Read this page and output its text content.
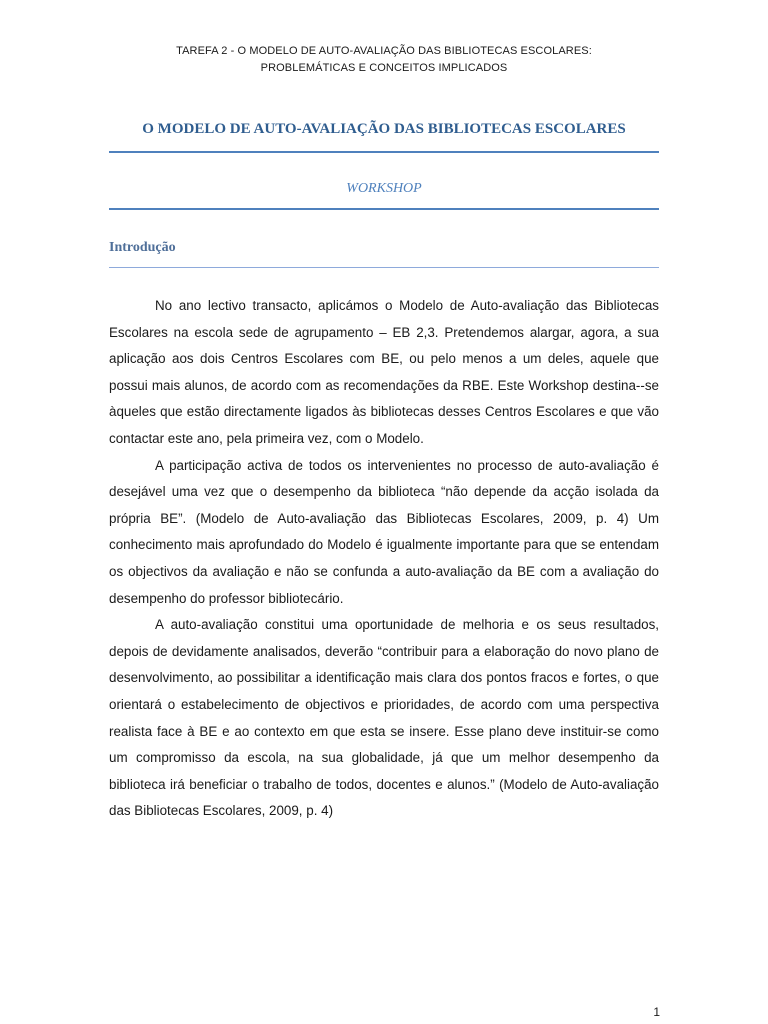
TAREFA 2 - O MODELO DE AUTO-AVALIAÇÃO DAS BIBLIOTECAS ESCOLARES:
PROBLEMÁTICAS E CONCEITOS IMPLICADOS
O MODELO DE AUTO-AVALIAÇÃO DAS BIBLIOTECAS ESCOLARES
WORKSHOP
Introdução

No ano lectivo transacto, aplicámos o Modelo de Auto-avaliação das Bibliotecas Escolares na escola sede de agrupamento – EB 2,3. Pretendemos alargar, agora, a sua aplicação aos dois Centros Escolares com BE, ou pelo menos a um deles, aquele que possui mais alunos, de acordo com as recomendações da RBE. Este Workshop destina--se àqueles que estão directamente ligados às bibliotecas desses Centros Escolares e que vão contactar este ano, pela primeira vez, com o Modelo.

A participação activa de todos os intervenientes no processo de auto-avaliação é desejável uma vez que o desempenho da biblioteca “não depende da acção isolada da própria BE”. (Modelo de Auto-avaliação das Bibliotecas Escolares, 2009, p. 4) Um conhecimento mais aprofundado do Modelo é igualmente importante para que se entendam os objectivos da avaliação e não se confunda a auto-avaliação da BE com a avaliação do desempenho do professor bibliotecário.

A auto-avaliação constitui uma oportunidade de melhoria e os seus resultados, depois de devidamente analisados, deverão “contribuir para a elaboração do novo plano de desenvolvimento, ao possibilitar a identificação mais clara dos pontos fracos e fortes, o que orientará o estabelecimento de objectivos e prioridades, de acordo com uma perspectiva realista face à BE e ao contexto em que esta se insere. Esse plano deve instituir-se como um compromisso da escola, na sua globalidade, já que um melhor desempenho da biblioteca irá beneficiar o trabalho de todos, docentes e alunos.” (Modelo de Auto-avaliação das Bibliotecas Escolares, 2009, p. 4)

1
